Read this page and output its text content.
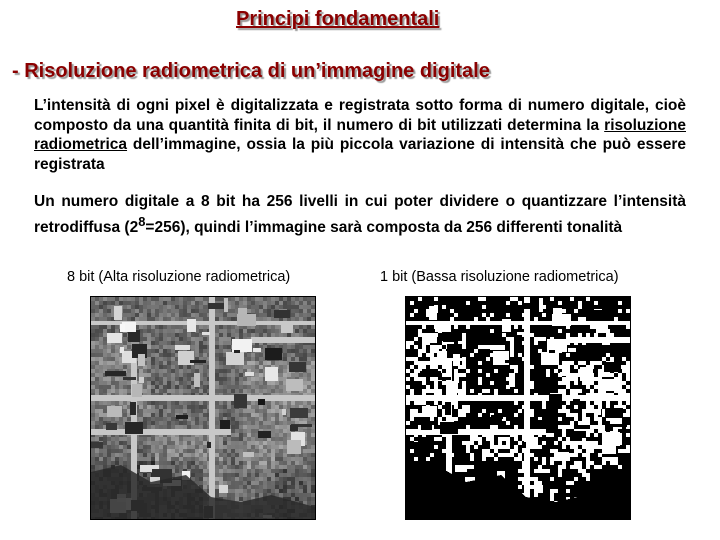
Principi fondamentali
- Risoluzione radiometrica di un’immagine digitale

L’intensità di ogni pixel è digitalizzata e registrata sotto forma di numero digitale, cioè composto da una quantità finita di bit, il numero di bit utilizzati determina la risoluzione radiometrica dell’immagine, ossia la più piccola variazione di intensità che può essere registrata

Un numero digitale a 8 bit ha 256 livelli in cui poter dividere o quantizzare l’intensità retrodiffusa $(2^8=256)$, quindi l’immagine sarà composta da 256 differenti tonalità

8 bit (Alta risoluzione radiometrica)	1 bit (Bassa risoluzione radiometrica)
